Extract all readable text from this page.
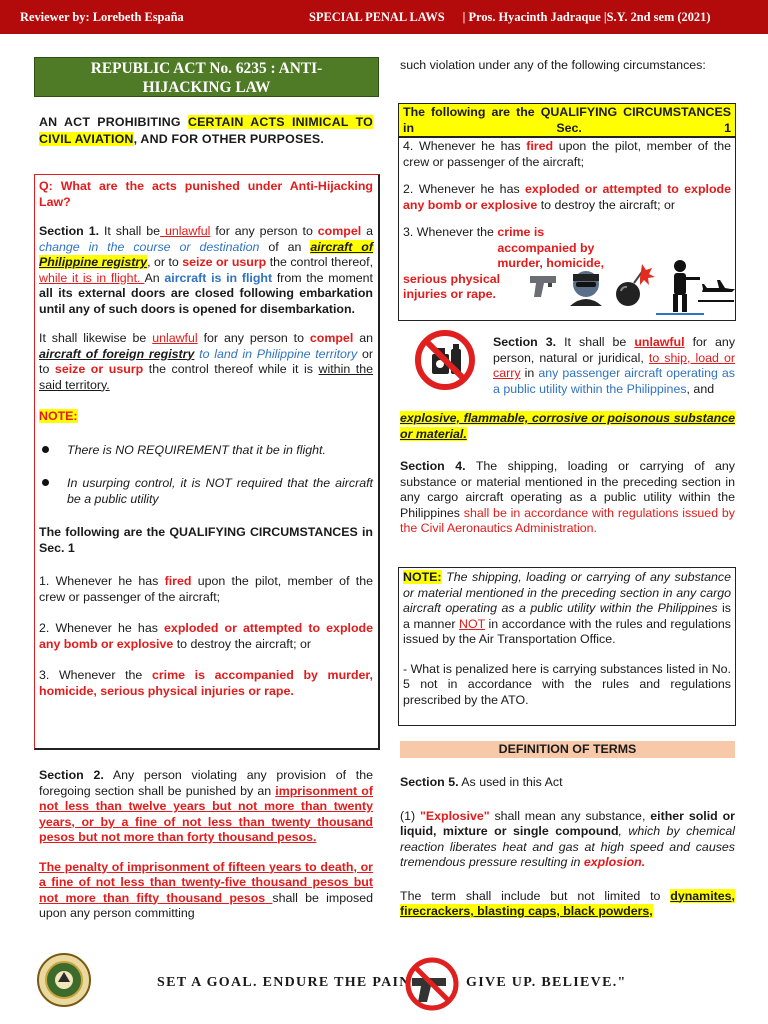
Reviewer by: Lorebeth España	SPECIAL PENAL LAWS | Pros. Hyacinth Jadraque |S.Y. 2nd sem (2021)
REPUBLIC ACT No. 6235 : ANTI-
HIJACKING LAW
AN ACT PROHIBITING CERTAIN ACTS INIMICAL TO CIVIL AVIATION, AND FOR OTHER PURPOSES.

Q: What are the acts punished under Anti-Hijacking Law?

Section 1. It shall be unlawful for any person to compel a change in the course or destination of an aircraft of Philippine registry, or to seize or usurp the control thereof, while it is in flight. An aircraft is in flight from the moment all its external doors are closed following embarkation until any of such doors is opened for disembarkation.

It shall likewise be unlawful for any person to compel an aircraft of foreign registry to land in Philippine territory or to seize or usurp the control thereof while it is within the said territory.

NOTE:

There is NO REQUIREMENT that it be in flight.
In usurping control, it is NOT required that the aircraft be a public utility

The following are the QUALIFYING CIRCUMSTANCES in Sec. 1

1. Whenever he has fired upon the pilot, member of the crew or passenger of the aircraft;

2. Whenever he has exploded or attempted to explode any bomb or explosive to destroy the aircraft; or

3. Whenever the crime is accompanied by murder, homicide, serious physical injuries or rape.

Section 2. Any person violating any provision of the foregoing section shall be punished by an imprisonment of not less than twelve years but not more than twenty years, or by a fine of not less than twenty thousand pesos but not more than forty thousand pesos.

The penalty of imprisonment of fifteen years to death, or a fine of not less than twenty-five thousand pesos but not more than fifty thousand pesos shall be imposed upon any person committing

such violation under any of the following circumstances:
The following are the QUALIFYING CIRCUMSTANCES in Sec. 1

4. Whenever he has fired upon the pilot, member of the crew or passenger of the aircraft;

2. Whenever he has exploded or attempted to explode any bomb or explosive to destroy the aircraft; or

3. Whenever the crime is accompanied by murder, homicide,
serious physical injuries or rape.

Section 3. It shall be unlawful for any person, natural or juridical, to ship, load or carry in any passenger aircraft operating as a public utility within the Philippines, and
explosive, flammable, corrosive or poisonous substance or material.
Section 4. The shipping, loading or carrying of any substance or material mentioned in the preceding section in any cargo aircraft operating as a public utility within the Philippines shall be in accordance with regulations issued by the Civil Aeronautics Administration.

NOTE: The shipping, loading or carrying of any substance or material mentioned in the preceding section in any cargo aircraft operating as a public utility within the Philippines is a manner NOT in accordance with the rules and regulations issued by the Air Transportation Office.

- What is penalized here is carrying substances listed in No. 5 not in accordance with the rules and regulations prescribed by the ATO.

DEFINITION OF TERMS

Section 5. As used in this Act

(1) "Explosive" shall mean any substance, either solid or liquid, mixture or single compound, which by chemical reaction liberates heat and gas at high speed and causes tremendous pressure resulting in explosion.

The term shall include but not limited to dynamites, firecrackers, blasting caps, black powders,

SET A GOAL. ENDURE THE PAIN	GIVE UP. BELIEVE."
